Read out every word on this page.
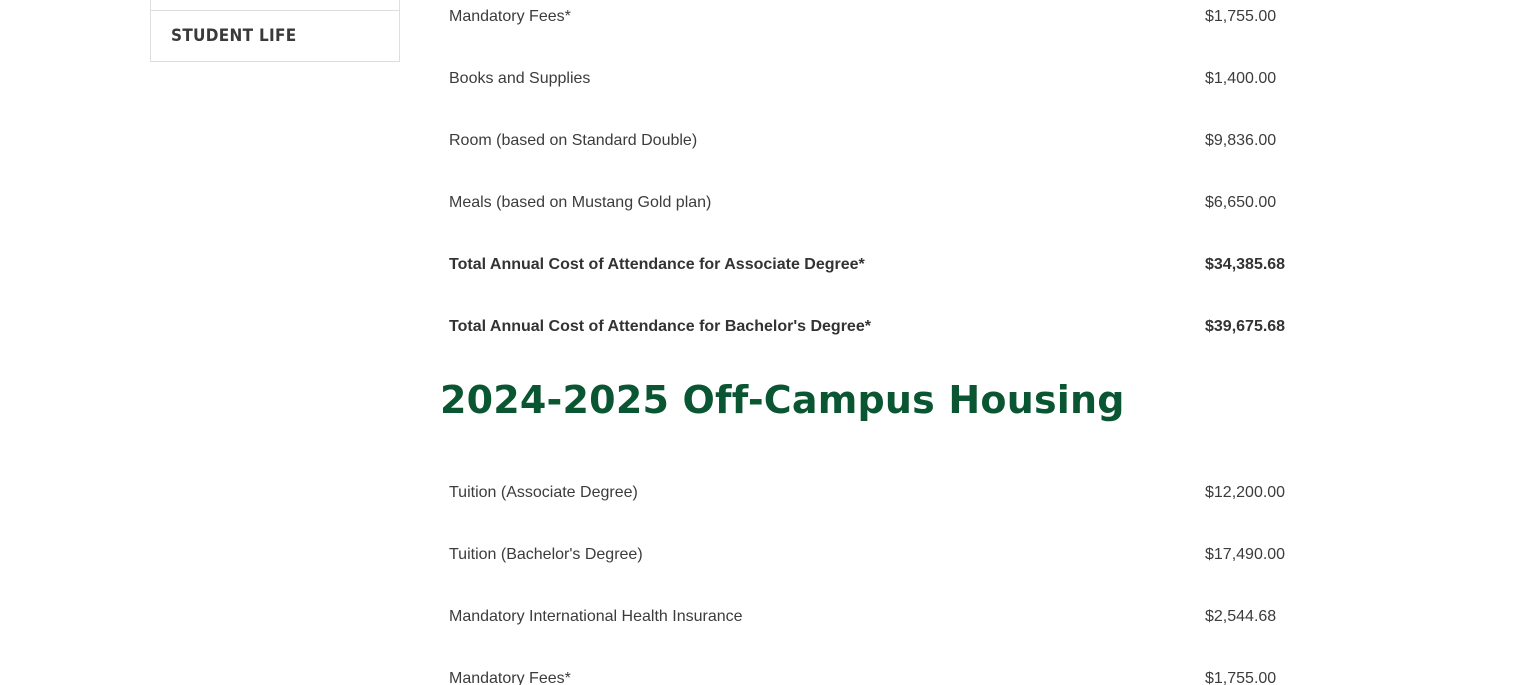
STUDENT LIFE
Mandatory Fees*	$1,755.00
Books and Supplies	$1,400.00
Room (based on Standard Double)	$9,836.00
Meals (based on Mustang Gold plan)	$6,650.00
Total Annual Cost of Attendance for Associate Degree*	$34,385.68
Total Annual Cost of Attendance for Bachelor's Degree*	$39,675.68
2024-2025 Off-Campus Housing
Tuition (Associate Degree)	$12,200.00
Tuition (Bachelor's Degree)	$17,490.00
Mandatory International Health Insurance	$2,544.68
Mandatory Fees*	$1,755.00
